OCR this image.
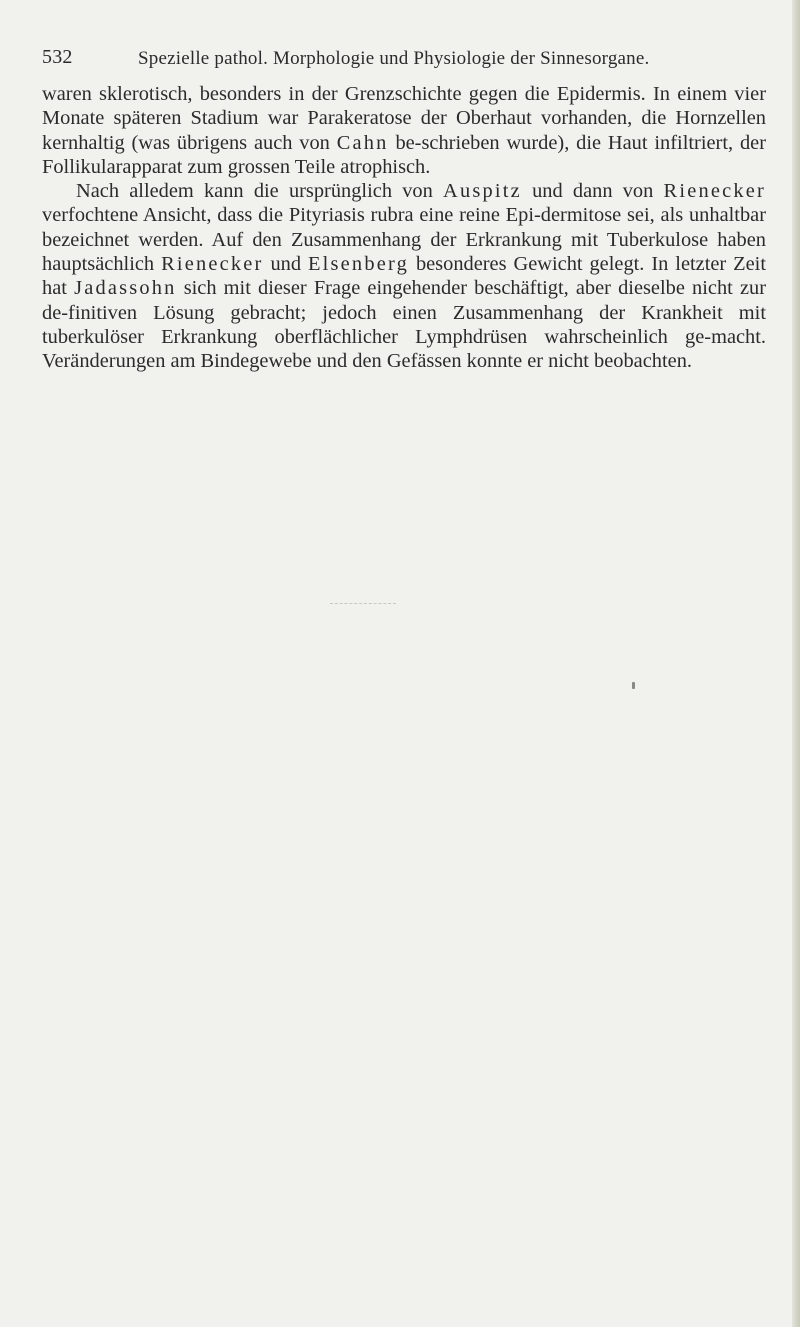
532	Spezielle pathol. Morphologie und Physiologie der Sinnesorgane.

waren sklerotisch, besonders in der Grenzschichte gegen die Epidermis. In einem vier Monate späteren Stadium war Parakeratose der Oberhaut vorhanden, die Hornzellen kernhaltig (was übrigens auch von Cahn be-schrieben wurde), die Haut infiltriert, der Follikularapparat zum grossen Teile atrophisch.

Nach alledem kann die ursprünglich von Auspitz und dann von Rienecker verfochtene Ansicht, dass die Pityriasis rubra eine reine Epi-dermitose sei, als unhaltbar bezeichnet werden. Auf den Zusammenhang der Erkrankung mit Tuberkulose haben hauptsächlich Rienecker und Elsenberg besonderes Gewicht gelegt. In letzter Zeit hat Jadassohn sich mit dieser Frage eingehender beschäftigt, aber dieselbe nicht zur de-finitiven Lösung gebracht; jedoch einen Zusammenhang der Krankheit mit tuberkulöser Erkrankung oberflächlicher Lymphdrüsen wahrscheinlich ge-macht. Veränderungen am Bindegewebe und den Gefässen konnte er nicht beobachten.
